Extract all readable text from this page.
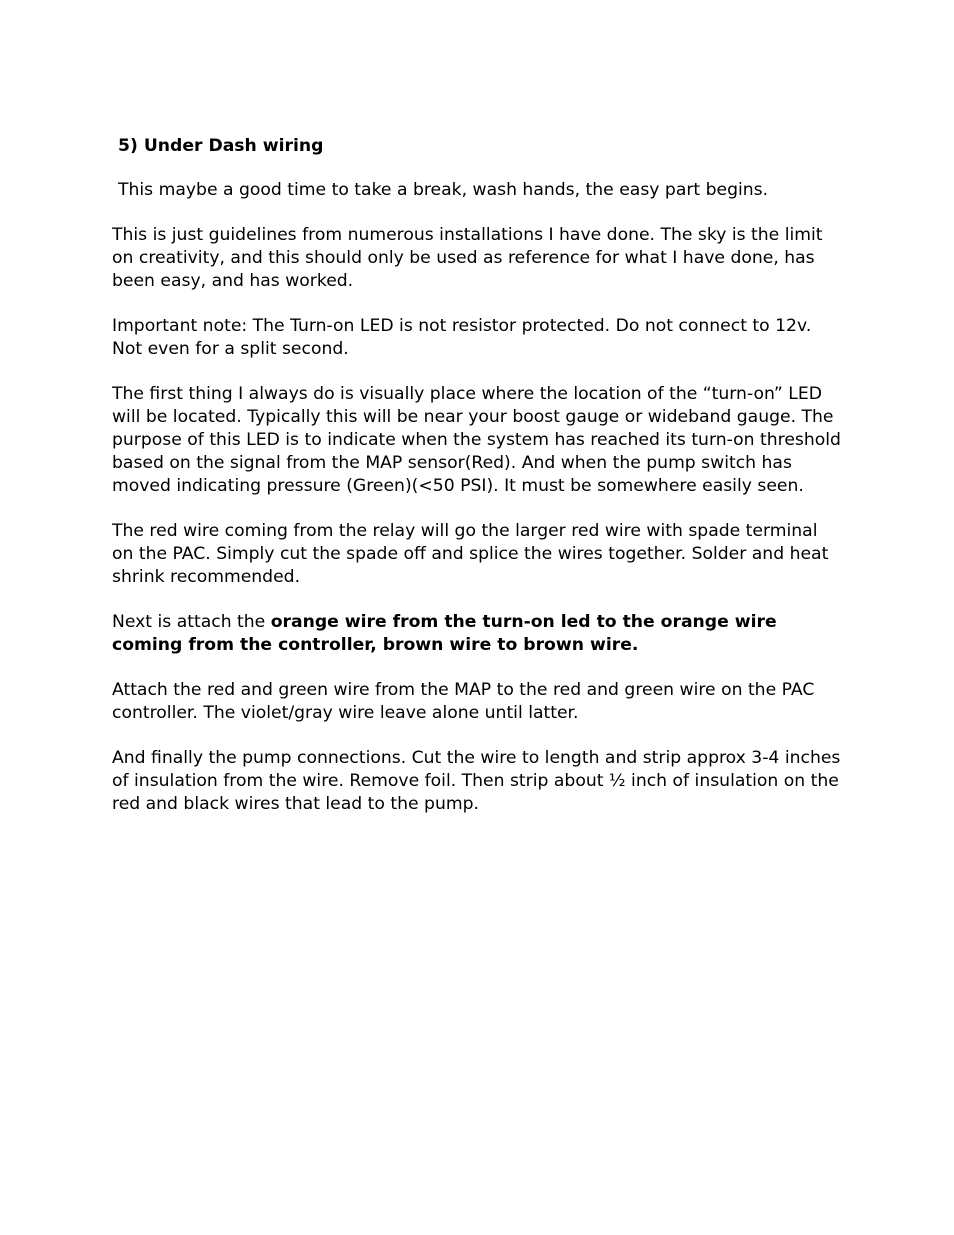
5) Under Dash wiring

This maybe a good time to take a break, wash hands, the easy part begins.

This is just guidelines from numerous installations I have done. The sky is the limit on creativity, and this should only be used as reference for what I have done, has been easy, and has worked.

Important note: The Turn-on LED is not resistor protected. Do not connect to 12v. Not even for a split second.

The first thing I always do is visually place where the location of the “turn-on” LED will be located. Typically this will be near your boost gauge or wideband gauge. The purpose of this LED is to indicate when the system has reached its turn-on threshold based on the signal from the MAP sensor(Red). And when the pump switch has moved indicating pressure (Green)(<50 PSI). It must be somewhere easily seen.

The red wire coming from the relay will go the larger red wire with spade terminal on the PAC. Simply cut the spade off and splice the wires together. Solder and heat shrink recommended.

Next is attach the orange wire from the turn-on led to the orange wire coming from the controller, brown wire to brown wire.

Attach the red and green wire from the MAP to the red and green wire on the PAC controller. The violet/gray wire leave alone until latter.

And finally the pump connections. Cut the wire to length and strip approx 3-4 inches of insulation from the wire. Remove foil. Then strip about ½ inch of insulation on the red and black wires that lead to the pump.
